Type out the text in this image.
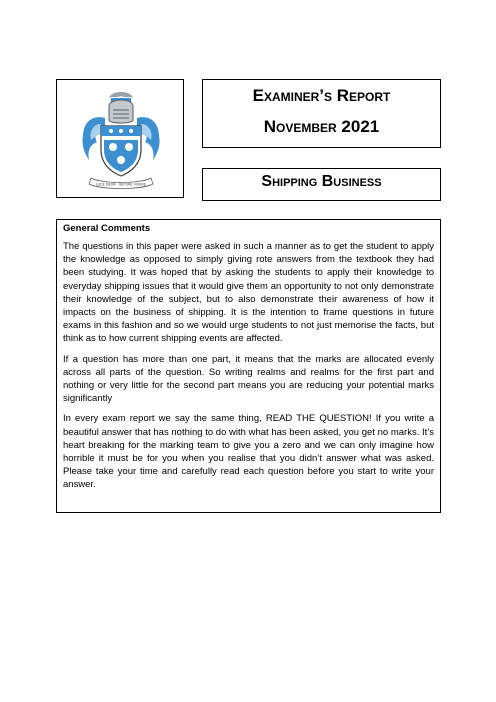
LUCE DEOR · SECURE VIVERE
Examiner’s Report
November 2021
Shipping Business
General Comments

The questions in this paper were asked in such a manner as to get the student to apply the knowledge as opposed to simply giving rote answers from the textbook they had been studying. It was hoped that by asking the students to apply their knowledge to everyday shipping issues that it would give them an opportunity to not only demonstrate their knowledge of the subject, but to also demonstrate their awareness of how it impacts on the business of shipping. It is the intention to frame questions in future exams in this fashion and so we would urge students to not just memorise the facts, but think as to how current shipping events are affected.

If a question has more than one part, it means that the marks are allocated evenly across all parts of the question. So writing realms and realms for the first part and nothing or very little for the second part means you are reducing your potential marks significantly

In every exam report we say the same thing, READ THE QUESTION! If you write a beautiful answer that has nothing to do with what has been asked, you get no marks. It’s heart breaking for the marking team to give you a zero and we can only imagine how horrible it must be for you when you realise that you didn’t answer what was asked. Please take your time and carefully read each question before you start to write your answer.
